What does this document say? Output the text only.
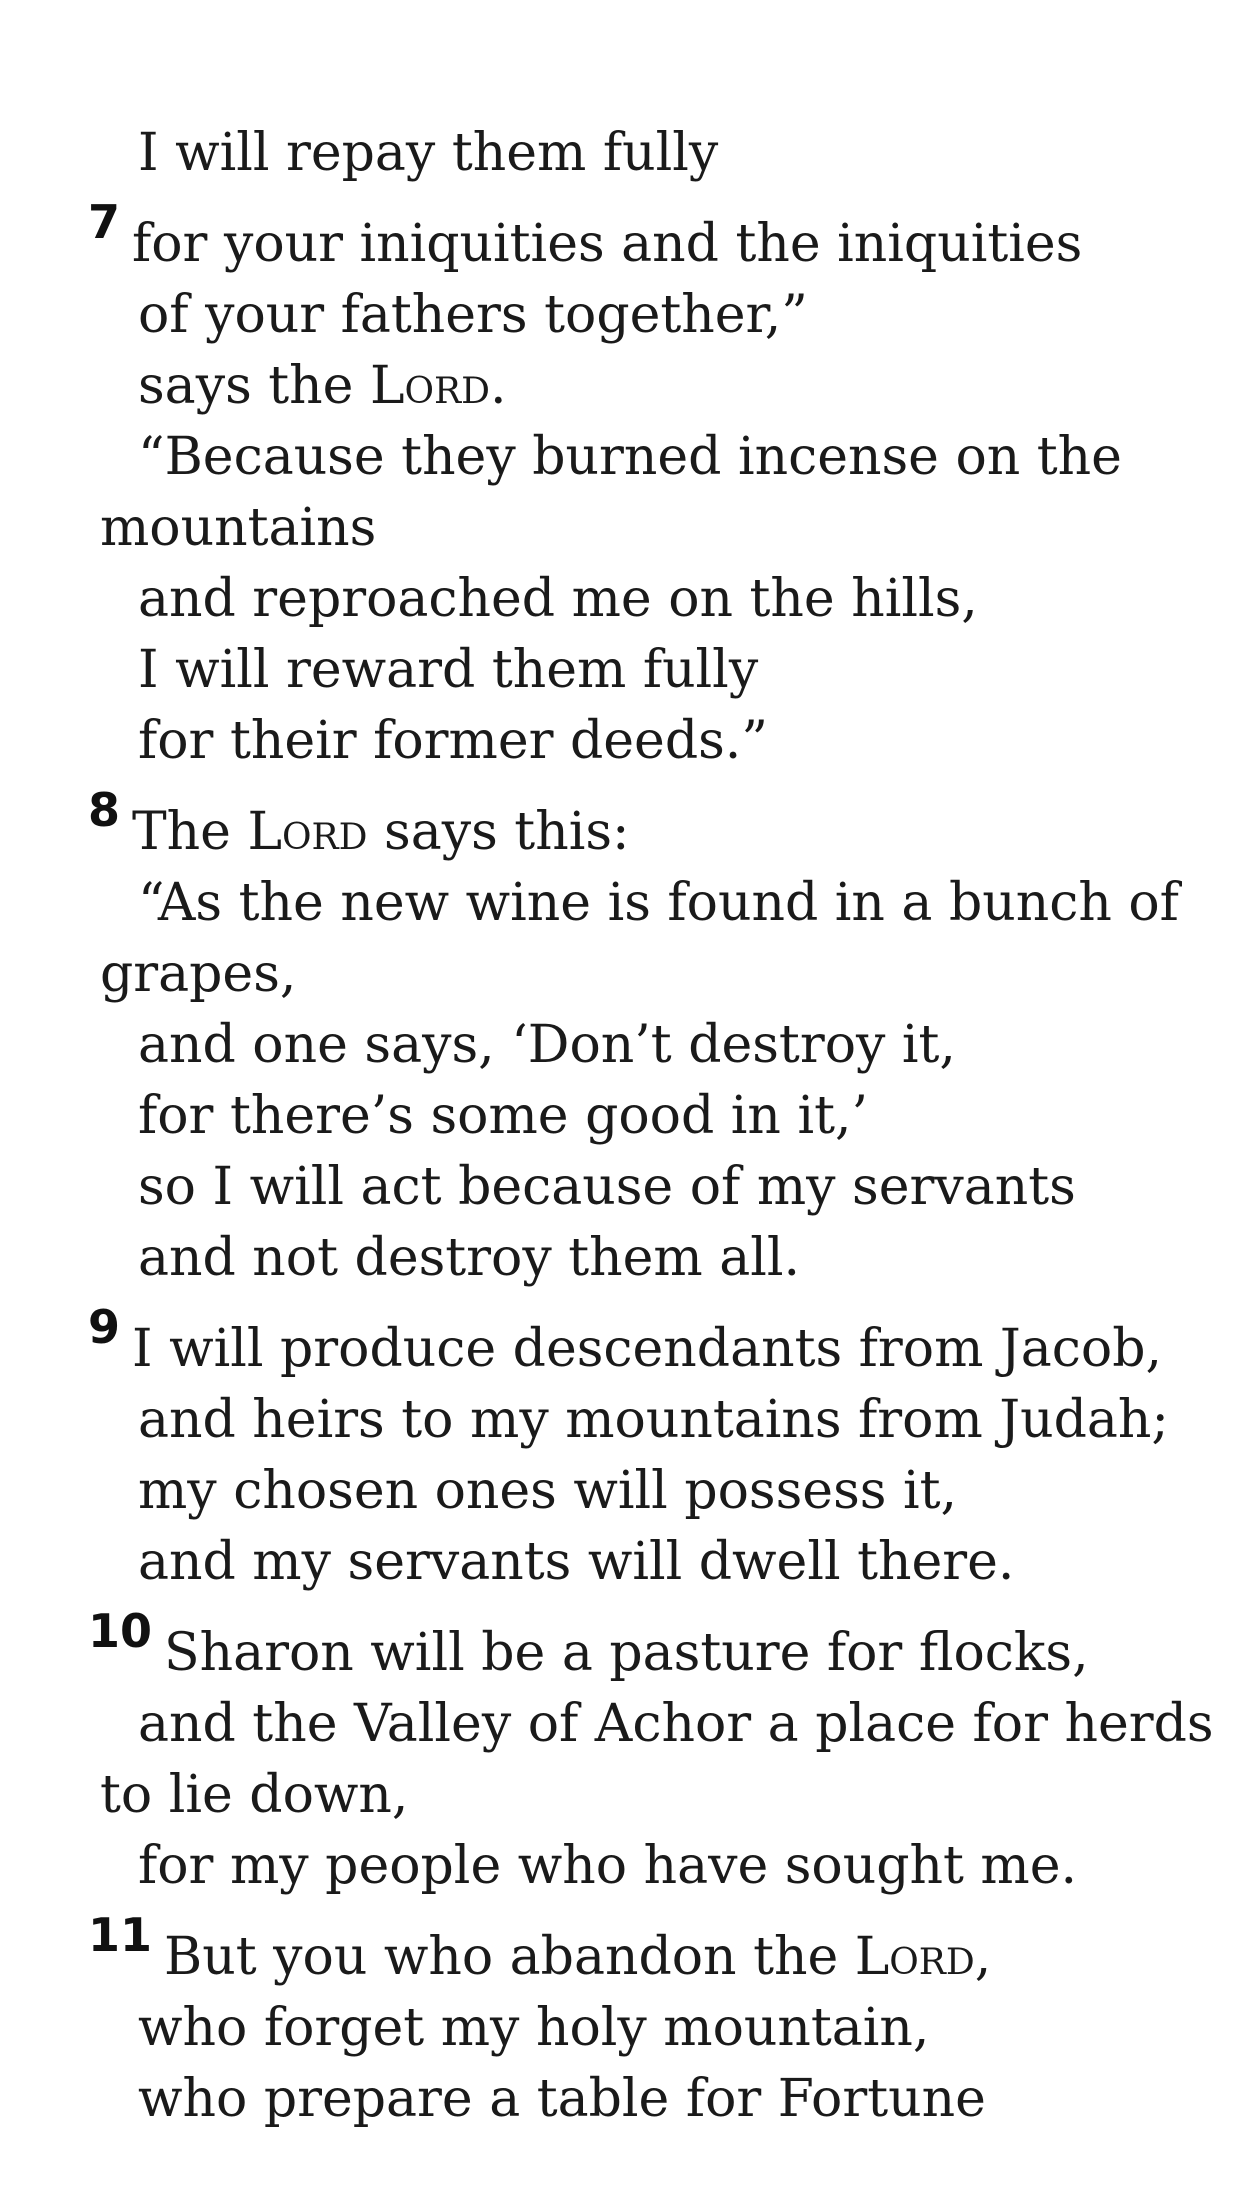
I will repay them fully
7 for your iniquities and the iniquities
of your fathers together,”
says the Lord.
“Because they burned incense on the
mountains
and reproached me on the hills,
I will reward them fully
for their former deeds.”
8 The Lord says this:
“As the new wine is found in a bunch of
grapes,
and one says, ‘Don’t destroy it,
for there’s some good in it,’
so I will act because of my servants
and not destroy them all.
9 I will produce descendants from Jacob,
and heirs to my mountains from Judah;
my chosen ones will possess it,
and my servants will dwell there.
10 Sharon will be a pasture for flocks,
and the Valley of Achor a place for herds
to lie down,
for my people who have sought me.
11 But you who abandon the Lord,
who forget my holy mountain,
who prepare a table for Fortune
